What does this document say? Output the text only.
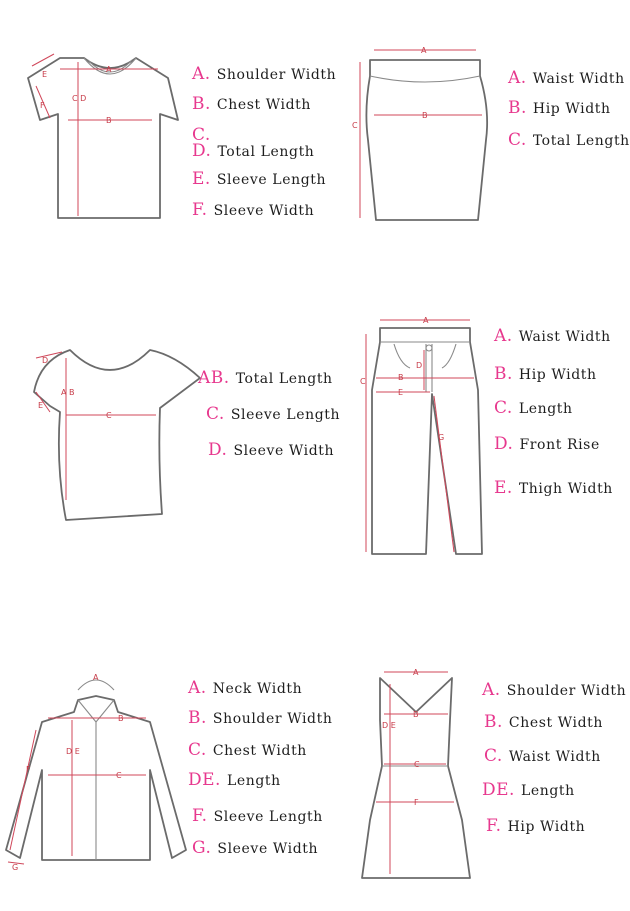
A
B
C D
E
F
A. Shoulder Width
B. Chest Width
C.
D. Total Length
E. Sleeve Length
F. Sleeve Width
A
B
C
A. Waist Width
B. Hip Width
C. Total Length
C
A B
D
E
AB. Total Length
C. Sleeve Length
D. Sleeve Width
A
B
E
C
D
G
A. Waist Width
B. Hip Width
C. Length
D. Front Rise
E. Thigh Width
A
B
C
D E
F
G
A. Neck Width
B. Shoulder Width
C. Chest Width
DE. Length
F. Sleeve Length
G. Sleeve Width
A
B
C
D E
F
A. Shoulder Width
B. Chest Width
C. Waist Width
DE. Length
F. Hip Width
